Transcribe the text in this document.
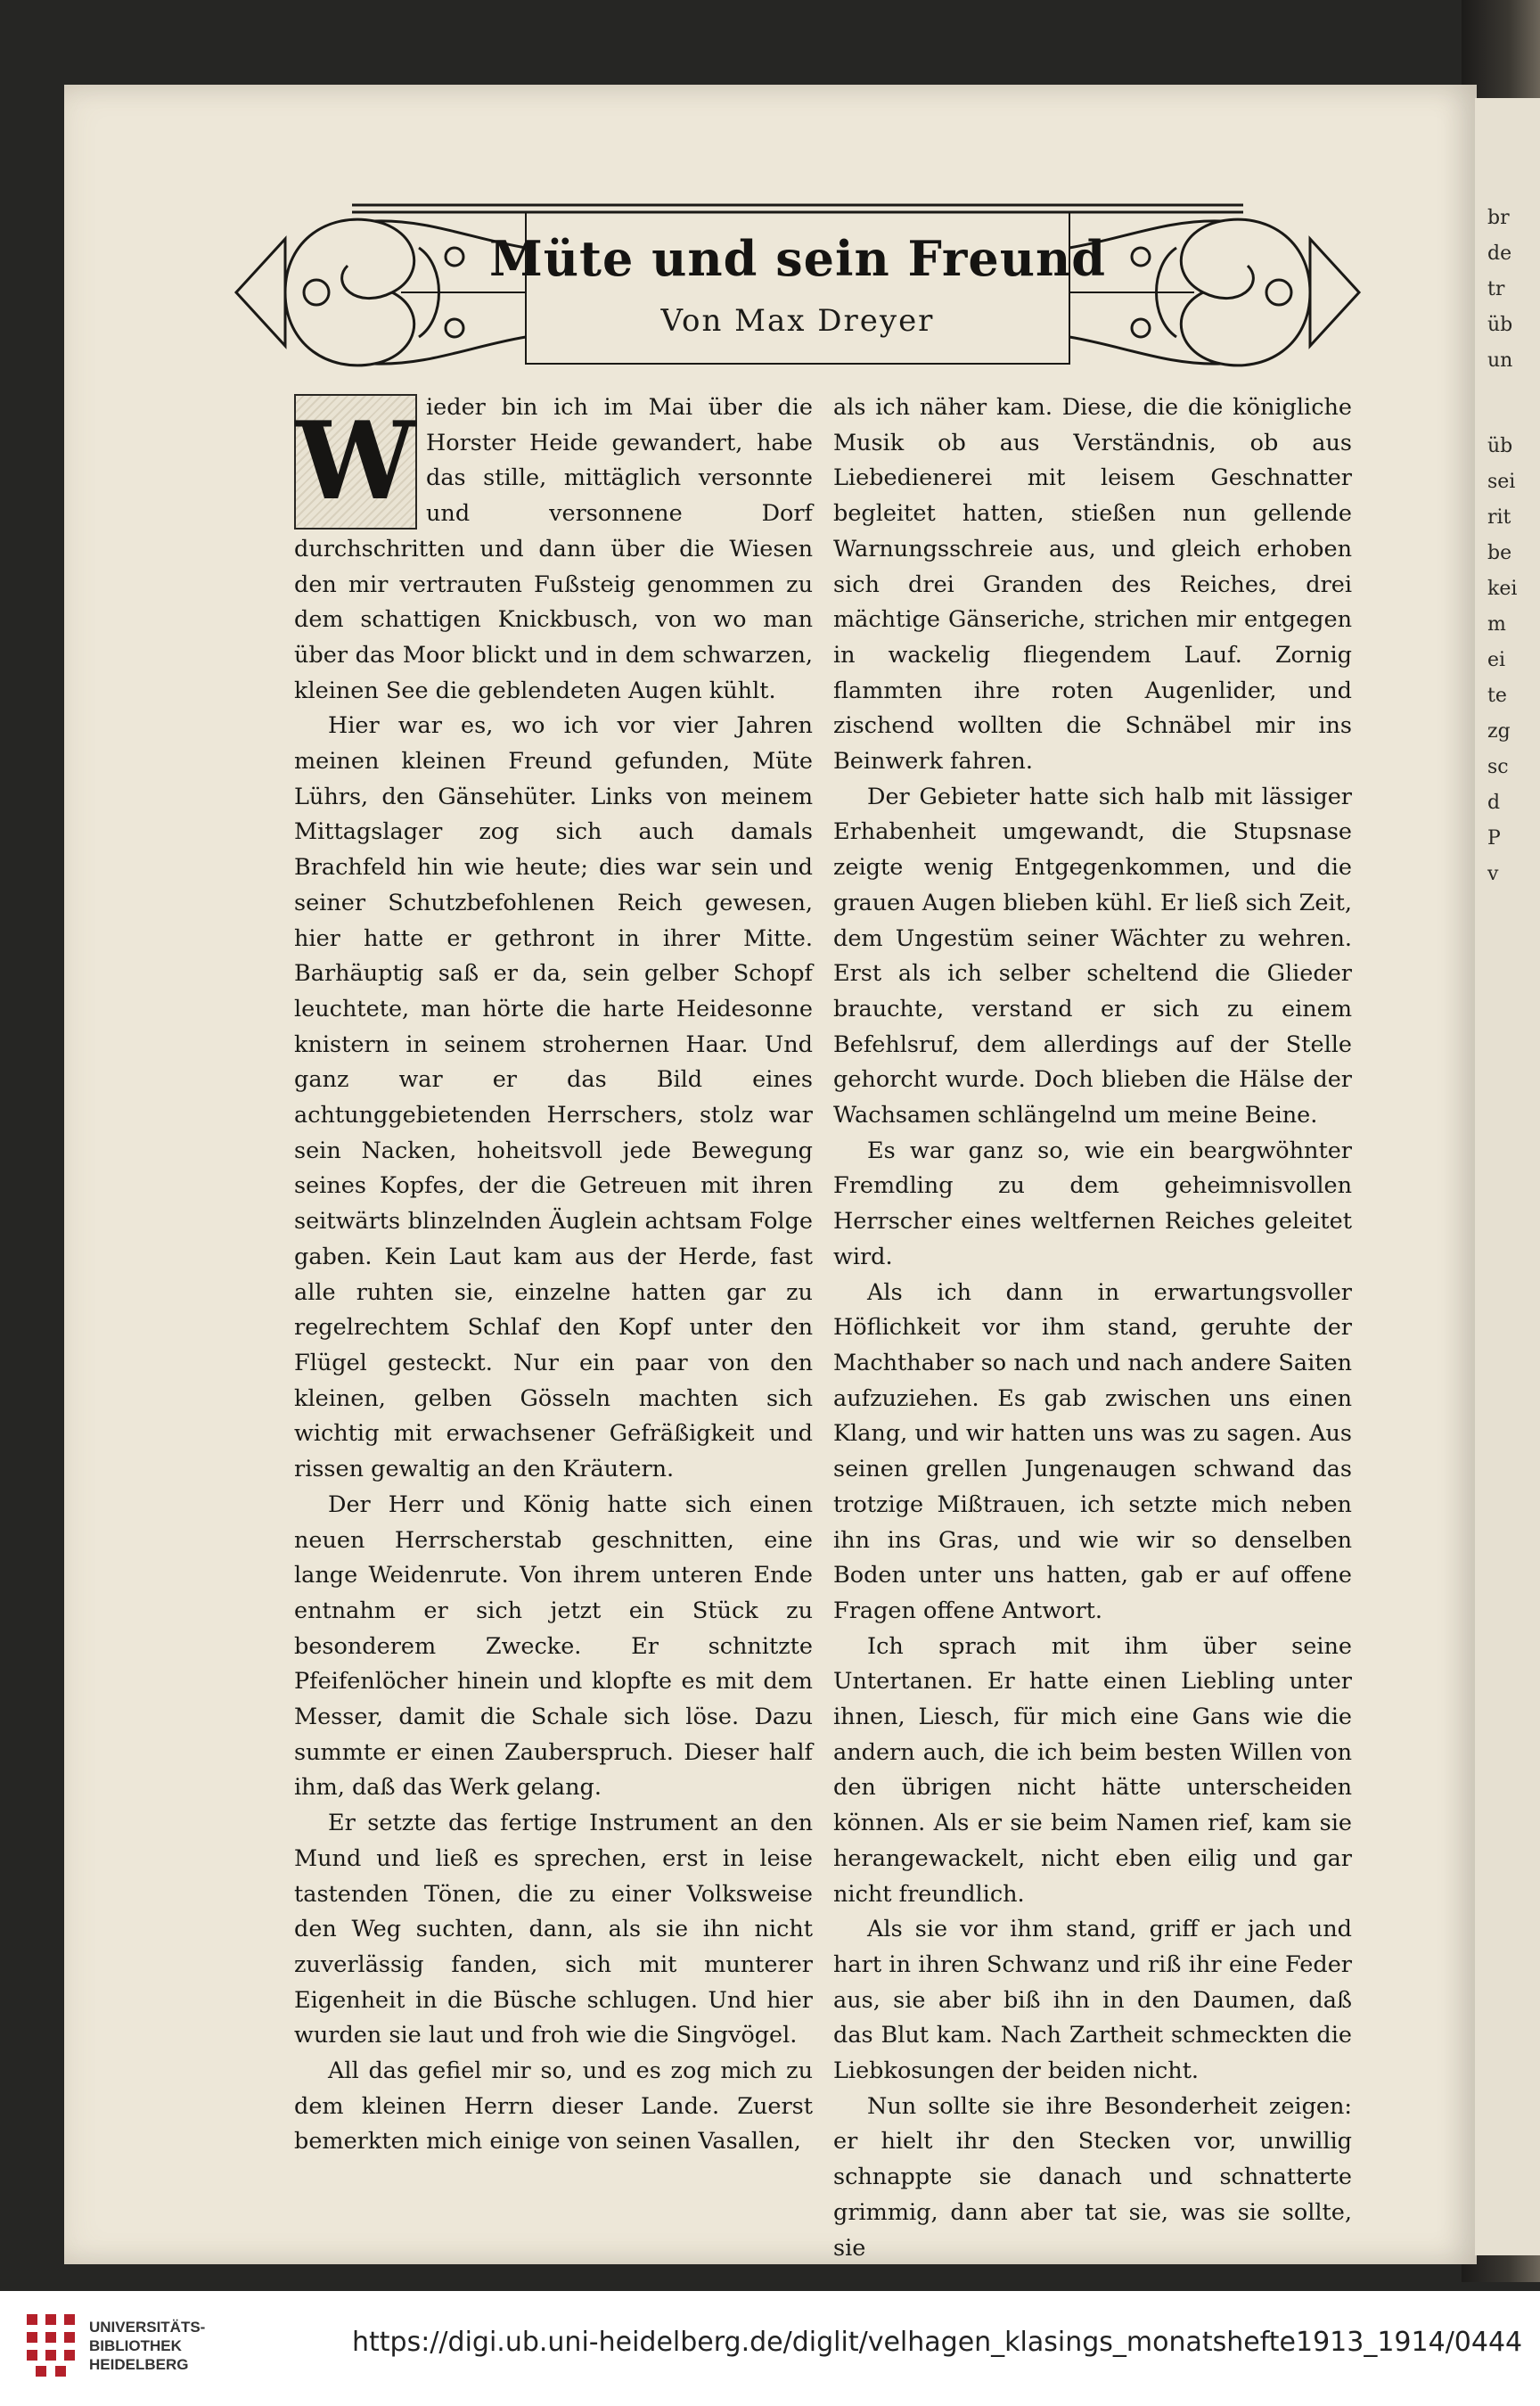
br
de
tr
üb
un
üb
sei
rit
be
kei
m
ei
te
zg
sc
d
P
v
Müte und sein Freund
Von Max Dreyer

W ieder bin ich im Mai über die Horster Heide gewandert, habe das stille, mittäglich versonnte und versonnene Dorf durchschritten und dann über die Wiesen den mir vertrauten Fußsteig genommen zu dem schattigen Knickbusch, von wo man über das Moor blickt und in dem schwarzen, kleinen See die geblendeten Augen kühlt.

Hier war es, wo ich vor vier Jahren meinen kleinen Freund gefunden, Müte Lührs, den Gänsehüter. Links von meinem Mittagslager zog sich auch damals Brachfeld hin wie heute; dies war sein und seiner Schutzbefohlenen Reich gewesen, hier hatte er gethront in ihrer Mitte. Barhäuptig saß er da, sein gelber Schopf leuchtete, man hörte die harte Heidesonne knistern in seinem strohernen Haar. Und ganz war er das Bild eines achtunggebietenden Herrschers, stolz war sein Nacken, hoheitsvoll jede Bewegung seines Kopfes, der die Getreuen mit ihren seitwärts blinzelnden Äuglein achtsam Folge gaben. Kein Laut kam aus der Herde, fast alle ruhten sie, einzelne hatten gar zu regelrechtem Schlaf den Kopf unter den Flügel gesteckt. Nur ein paar von den kleinen, gelben Gösseln machten sich wichtig mit erwachsener Gefräßigkeit und rissen gewaltig an den Kräutern.

Der Herr und König hatte sich einen neuen Herrscherstab geschnitten, eine lange Weidenrute. Von ihrem unteren Ende entnahm er sich jetzt ein Stück zu besonderem Zwecke. Er schnitzte Pfeifenlöcher hinein und klopfte es mit dem Messer, damit die Schale sich löse. Dazu summte er einen Zauberspruch. Dieser half ihm, daß das Werk gelang.

Er setzte das fertige Instrument an den Mund und ließ es sprechen, erst in leise tastenden Tönen, die zu einer Volksweise den Weg suchten, dann, als sie ihn nicht zuverlässig fanden, sich mit munterer Eigenheit in die Büsche schlugen. Und hier wurden sie laut und froh wie die Singvögel.

All das gefiel mir so, und es zog mich zu dem kleinen Herrn dieser Lande. Zuerst bemerkten mich einige von seinen Vasallen,

als ich näher kam. Diese, die die königliche Musik ob aus Verständnis, ob aus Liebedienerei mit leisem Geschnatter begleitet hatten, stießen nun gellende Warnungsschreie aus, und gleich erhoben sich drei Granden des Reiches, drei mächtige Gänseriche, strichen mir entgegen in wackelig fliegendem Lauf. Zornig flammten ihre roten Augenlider, und zischend wollten die Schnäbel mir ins Beinwerk fahren.

Der Gebieter hatte sich halb mit lässiger Erhabenheit umgewandt, die Stupsnase zeigte wenig Entgegenkommen, und die grauen Augen blieben kühl. Er ließ sich Zeit, dem Ungestüm seiner Wächter zu wehren. Erst als ich selber scheltend die Glieder brauchte, verstand er sich zu einem Befehlsruf, dem allerdings auf der Stelle gehorcht wurde. Doch blieben die Hälse der Wachsamen schlängelnd um meine Beine.

Es war ganz so, wie ein beargwöhnter Fremdling zu dem geheimnisvollen Herrscher eines weltfernen Reiches geleitet wird.

Als ich dann in erwartungsvoller Höflichkeit vor ihm stand, geruhte der Machthaber so nach und nach andere Saiten aufzuziehen. Es gab zwischen uns einen Klang, und wir hatten uns was zu sagen. Aus seinen grellen Jungenaugen schwand das trotzige Mißtrauen, ich setzte mich neben ihn ins Gras, und wie wir so denselben Boden unter uns hatten, gab er auf offene Fragen offene Antwort.

Ich sprach mit ihm über seine Untertanen. Er hatte einen Liebling unter ihnen, Liesch, für mich eine Gans wie die andern auch, die ich beim besten Willen von den übrigen nicht hätte unterscheiden können. Als er sie beim Namen rief, kam sie herangewackelt, nicht eben eilig und gar nicht freundlich.

Als sie vor ihm stand, griff er jach und hart in ihren Schwanz und riß ihr eine Feder aus, sie aber biß ihn in den Daumen, daß das Blut kam. Nach Zartheit schmeckten die Liebkosungen der beiden nicht.

Nun sollte sie ihre Besonderheit zeigen: er hielt ihr den Stecken vor, unwillig schnappte sie danach und schnatterte grimmig, dann aber tat sie, was sie sollte, sie

UNIVERSITÄTS-
BIBLIOTHEK
HEIDELBERG
https://digi.ub.uni-heidelberg.de/diglit/velhagen_klasings_monatshefte1913_1914/0444
